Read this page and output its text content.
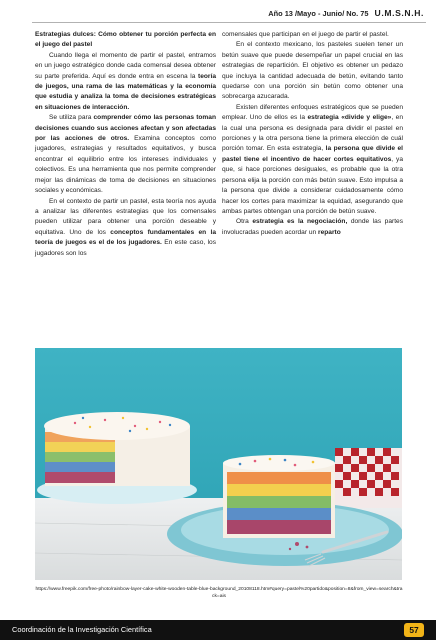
Año 13 /Mayo - Junio/ No. 75 U.M.S.N.H.

Estrategias dulces: Cómo obtener tu porción perfecta en el juego del pastel

Cuando llega el momento de partir el pastel, entramos en un juego estratégico donde cada comensal desea obtener su parte preferida. Aquí es donde entra en escena la teoría de juegos, una rama de las matemáticas y la economía que estudia y analiza la toma de decisiones estratégicas en situaciones de interacción.

Se utiliza para comprender cómo las personas toman decisiones cuando sus acciones afectan y son afectadas por las acciones de otros. Examina conceptos como jugadores, estrategias y resultados equitativos, y busca encontrar el equilibrio entre los intereses individuales y colectivos. Es una herramienta que nos permite comprender mejor las dinámicas de toma de decisiones en situaciones sociales y económicas.

En el contexto de partir un pastel, esta teoría nos ayuda a analizar las diferentes estrategias que los comensales pueden utilizar para obtener una porción deseable y equitativa. Uno de los conceptos fundamentales en la teoría de juegos es el de los jugadores. En este caso, los jugadores son los

comensales que participan en el juego de partir el pastel.

En el contexto mexicano, los pasteles suelen tener un betún suave que puede desempeñar un papel crucial en las estrategias de repartición. El objetivo es obtener un pedazo que incluya la cantidad adecuada de betún, evitando tanto quedarse con una porción sin betún como obtener una sobrecarga azucarada.

Existen diferentes enfoques estratégicos que se pueden emplear. Uno de ellos es la estrategia «divide y elige», en la cual una persona es designada para dividir el pastel en porciones y la otra persona tiene la primera elección de cuál porción tomar. En esta estrategia, la persona que divide el pastel tiene el incentivo de hacer cortes equitativos, ya que, si hace porciones desiguales, es probable que la otra persona elija la porción con más betún suave. Esto impulsa a la persona que divide a considerar cuidadosamente cómo hacer los cortes para maximizar la equidad, asegurando que ambas partes obtengan una porción de betún suave.

Otra estrategia es la negociación, donde las partes involucradas pueden acordar un reparto

https://www.freepik.com/free-photo/rainbow-layer-cake-white-wooden-table-blue-background_20108118.htm#query=pastel%20partido&position=8&from_view=search&track=ais
Coordinación de la Investigación Científica	57
